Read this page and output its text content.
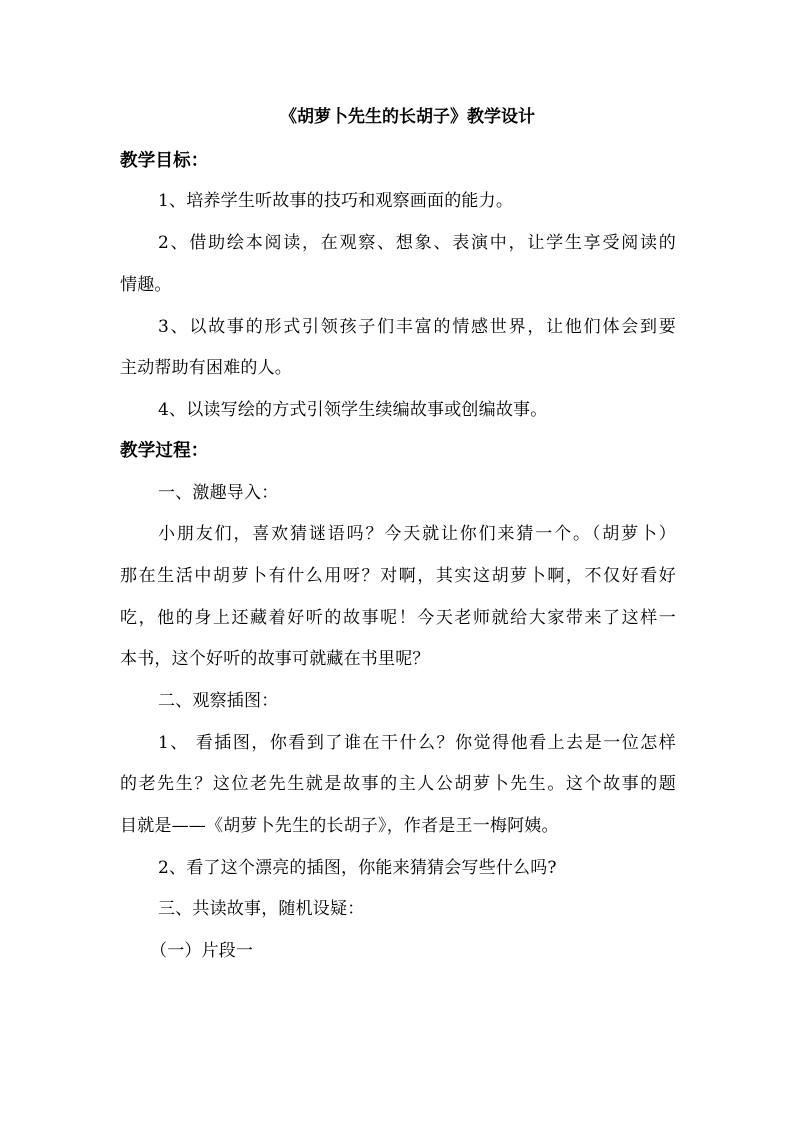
《胡萝卜先生的长胡子》教学设计
教学目标：
1、培养学生听故事的技巧和观察画面的能力。
2、借助绘本阅读，在观察、想象、表演中，让学生享受阅读的
情趣。
3、以故事的形式引领孩子们丰富的情感世界，让他们体会到要
主动帮助有困难的人。
4、以读写绘的方式引领学生续编故事或创编故事。
教学过程：
一、激趣导入：
小朋友们，喜欢猜谜语吗？今天就让你们来猜一个。（胡萝卜）
那在生活中胡萝卜有什么用呀？对啊，其实这胡萝卜啊，不仅好看好
吃，他的身上还藏着好听的故事呢！今天老师就给大家带来了这样一
本书，这个好听的故事可就藏在书里呢？
二、观察插图：
1、 看插图，你看到了谁在干什么？你觉得他看上去是一位怎样
的老先生？这位老先生就是故事的主人公胡萝卜先生。这个故事的题
目就是——《胡萝卜先生的长胡子》，作者是王一梅阿姨。
2、看了这个漂亮的插图，你能来猜猜会写些什么吗?
三、共读故事，随机设疑：
（一）片段一
